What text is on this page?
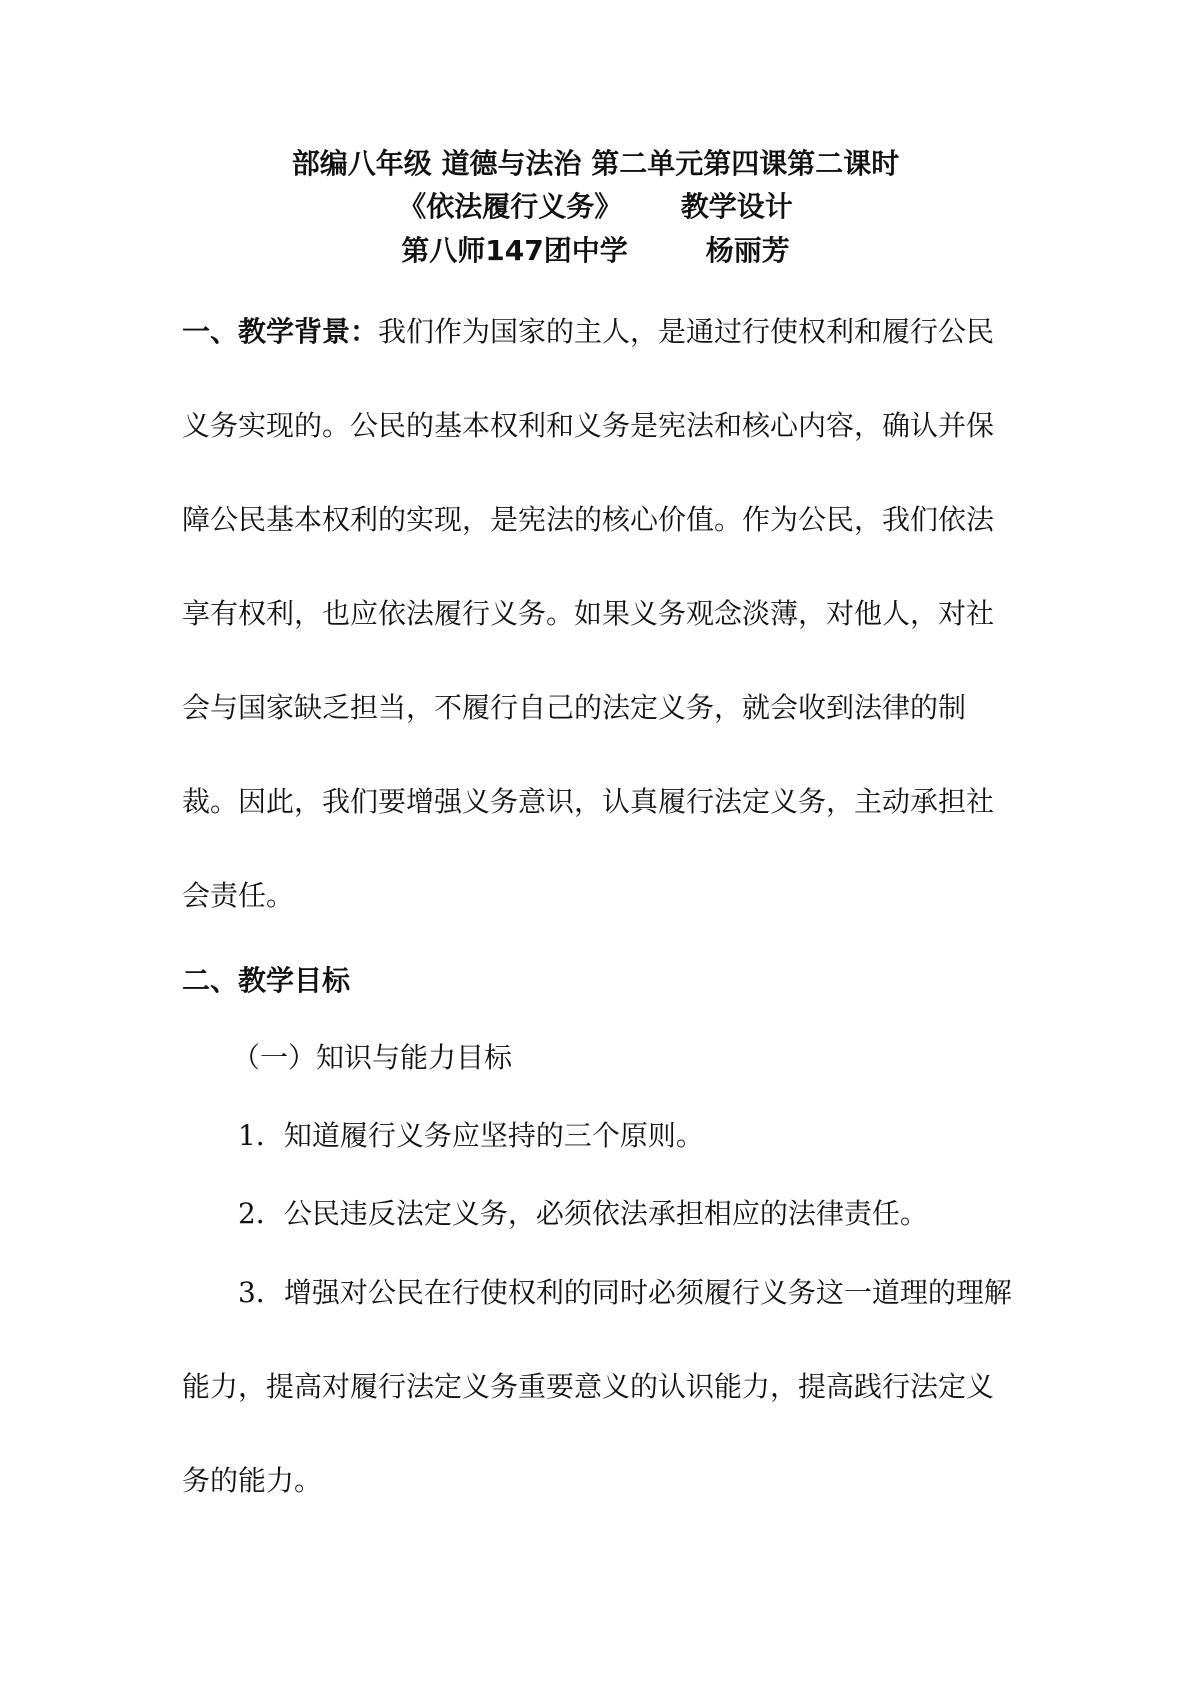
部编八年级 道德与法治 第二单元第四课第二课时
《依法履行义务》      教学设计
第八师147团中学        杨丽芳
一、教学背景：我们作为国家的主人，是通过行使权利和履行公民
义务实现的。公民的基本权利和义务是宪法和核心内容，确认并保
障公民基本权利的实现，是宪法的核心价值。作为公民，我们依法
享有权利，也应依法履行义务。如果义务观念淡薄，对他人，对社
会与国家缺乏担当，不履行自己的法定义务，就会收到法律的制
裁。因此，我们要增强义务意识，认真履行法定义务，主动承担社
会责任。
二、教学目标
（一）知识与能力目标
1．知道履行义务应坚持的三个原则。
2．公民违反法定义务，必须依法承担相应的法律责任。
3．增强对公民在行使权利的同时必须履行义务这一道理的理解
能力，提高对履行法定义务重要意义的认识能力，提高践行法定义
务的能力。
